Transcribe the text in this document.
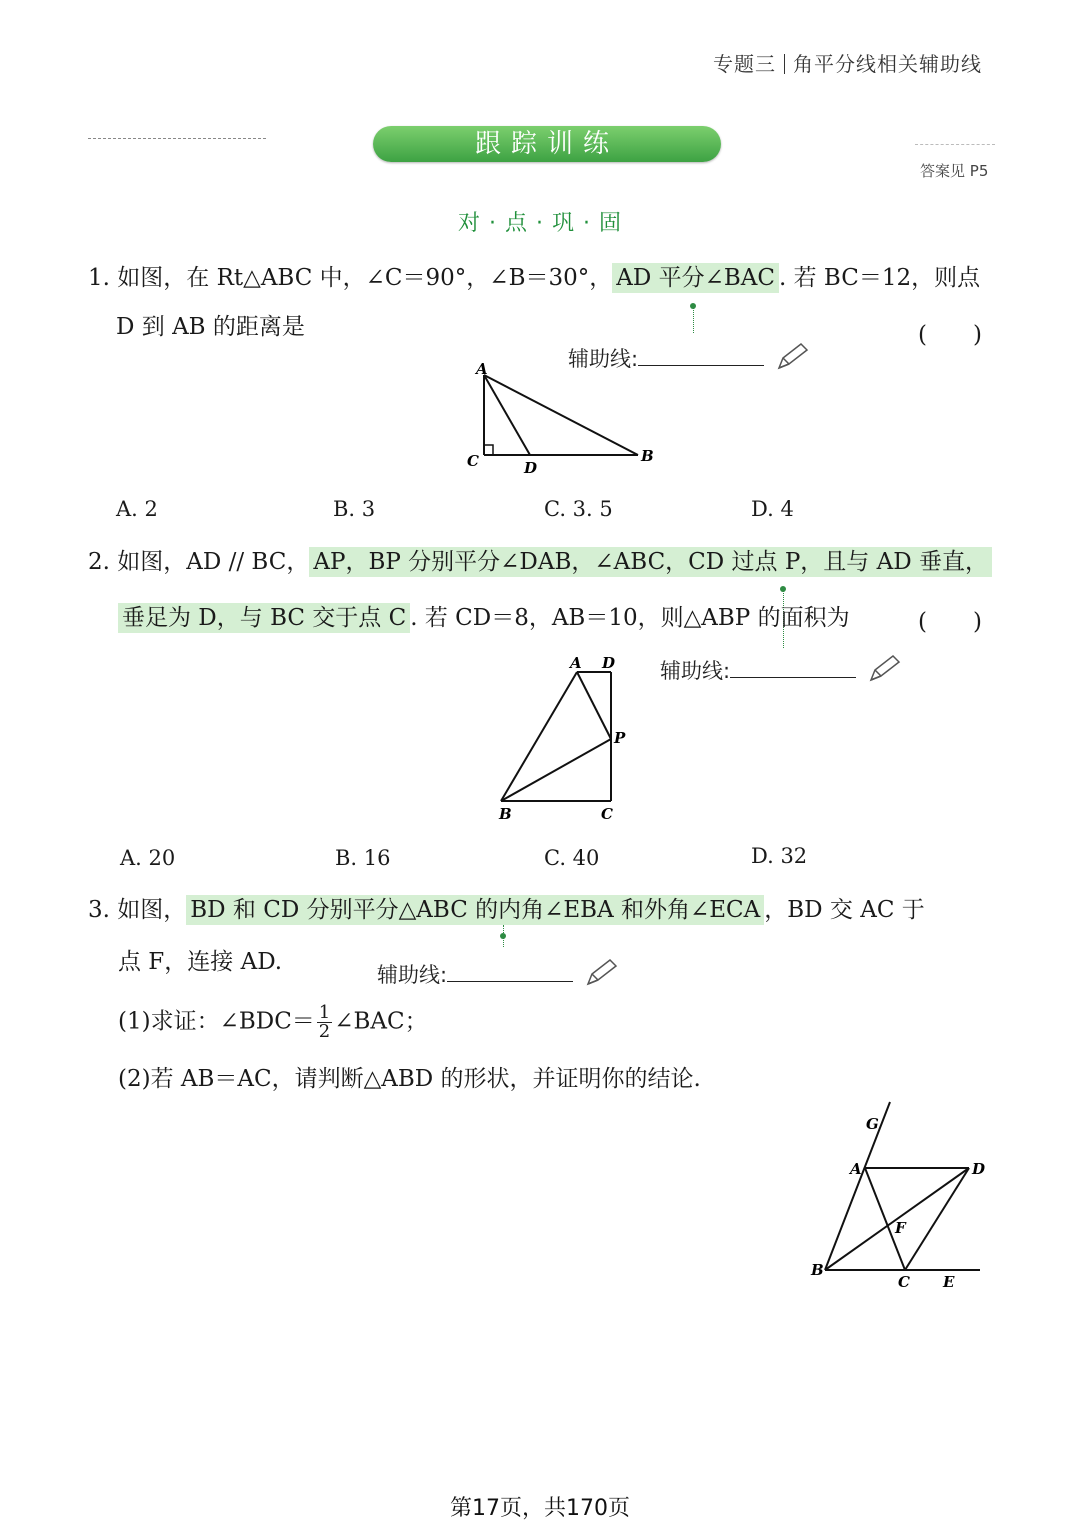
专题三 角平分线相关辅助线
跟踪训练
答案见 P5
对 · 点 · 巩 · 固
1. 如图，在 Rt△ABC 中，∠C＝90°，∠B＝30°， AD 平分∠BAC . 若 BC＝12，则点
D 到 AB 的距离是	(　　)
辅助线:
A
C	D
B
A. 2	B. 3	C. 3. 5	D. 4
2. 如图，AD // BC， AP，BP 分别平分∠DAB，∠ABC，CD 过点 P，且与 AD 垂直，
垂足为 D，与 BC 交于点 C . 若 CD＝8，AB＝10，则△ABP 的面积为	(　　)
辅助线:
A D
P
B	C
A. 20	B. 16	C. 40	D. 32
3. 如图， BD 和 CD 分别平分△ABC 的内角∠EBA 和外角∠ECA ，BD 交 AC 于
点 F，连接 AD.	辅助线:
(1)求证：∠BDC＝ $\frac{1}{2}$ ∠BAC；
(2)若 AB＝AC，请判断△ABD 的形状，并证明你的结论.
G
A	D
F
B
C E
第17页，共170页
